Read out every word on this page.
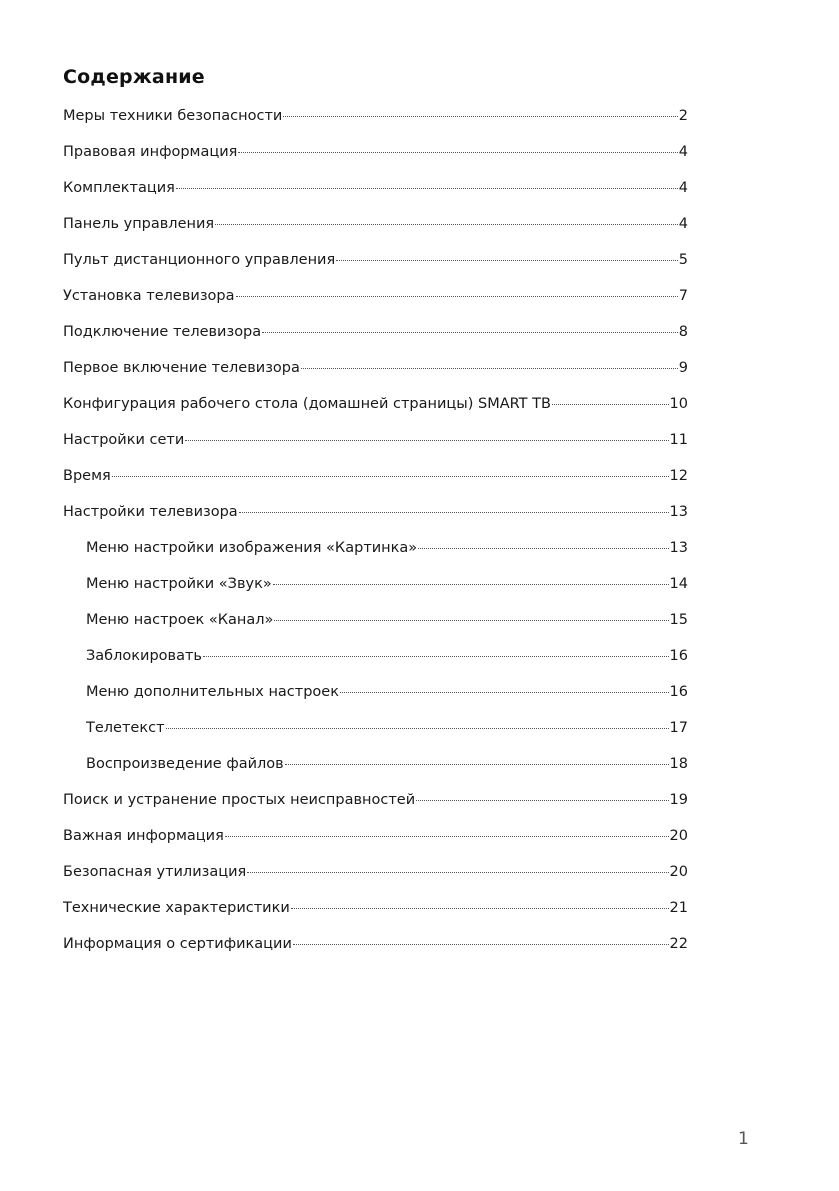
Содержание
Меры техники безопасности	2
Правовая информация	4
Комплектация	4
Панель управления	4
Пульт дистанционного управления	5
Установка телевизора	7
Подключение телевизора	8
Первое включение телевизора	9
Конфигурация рабочего стола (домашней страницы) SMART ТВ	10
Настройки сети	11
Время	12
Настройки телевизора	13
Меню настройки изображения «Картинка»	13
Меню настройки «Звук»	14
Меню настроек «Канал»	15
Заблокировать	16
Меню дополнительных настроек	16
Телетекст	17
Воспроизведение файлов	18
Поиск и устранение простых неисправностей	19
Важная информация	20
Безопасная утилизация	20
Технические характеристики	21
Информация о сертификации	22
1
